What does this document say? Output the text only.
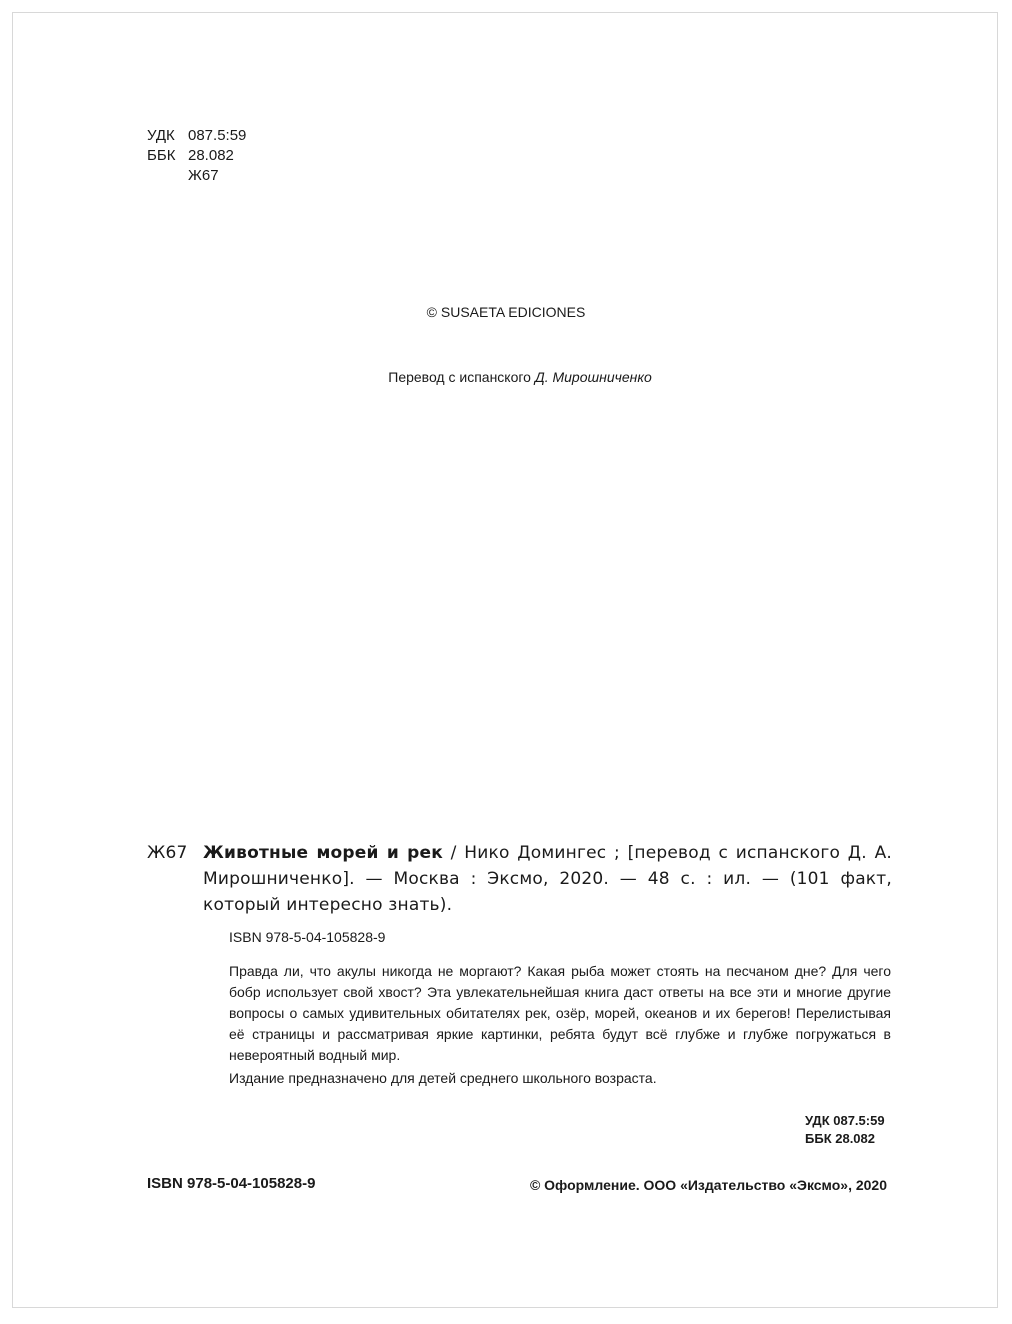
УДК 087.5:59
ББК 28.082
Ж67
© SUSAETA EDICIONES
Перевод с испанского Д. Мирошниченко
Ж67 Животные морей и рек / Нико Домингес ; [перевод с испанского Д. А. Мирошниченко]. — Москва : Эксмо, 2020. — 48 с. : ил. — (101 факт, который интересно знать).
ISBN 978-5-04-105828-9

Правда ли, что акулы никогда не моргают? Какая рыба может стоять на песчаном дне? Для чего бобр использует свой хвост? Эта увлекательнейшая книга даст ответы на все эти и многие другие вопросы о самых удивительных обитателях рек, озёр, морей, океанов и их берегов! Перелистывая её страницы и рассматривая яркие картинки, ребята будут всё глубже и глубже погружаться в невероятный водный мир.

Издание предназначено для детей среднего школьного возраста.

УДК 087.5:59
ББК 28.082
ISBN 978-5-04-105828-9	© Оформление. ООО «Издательство «Эксмо», 2020
